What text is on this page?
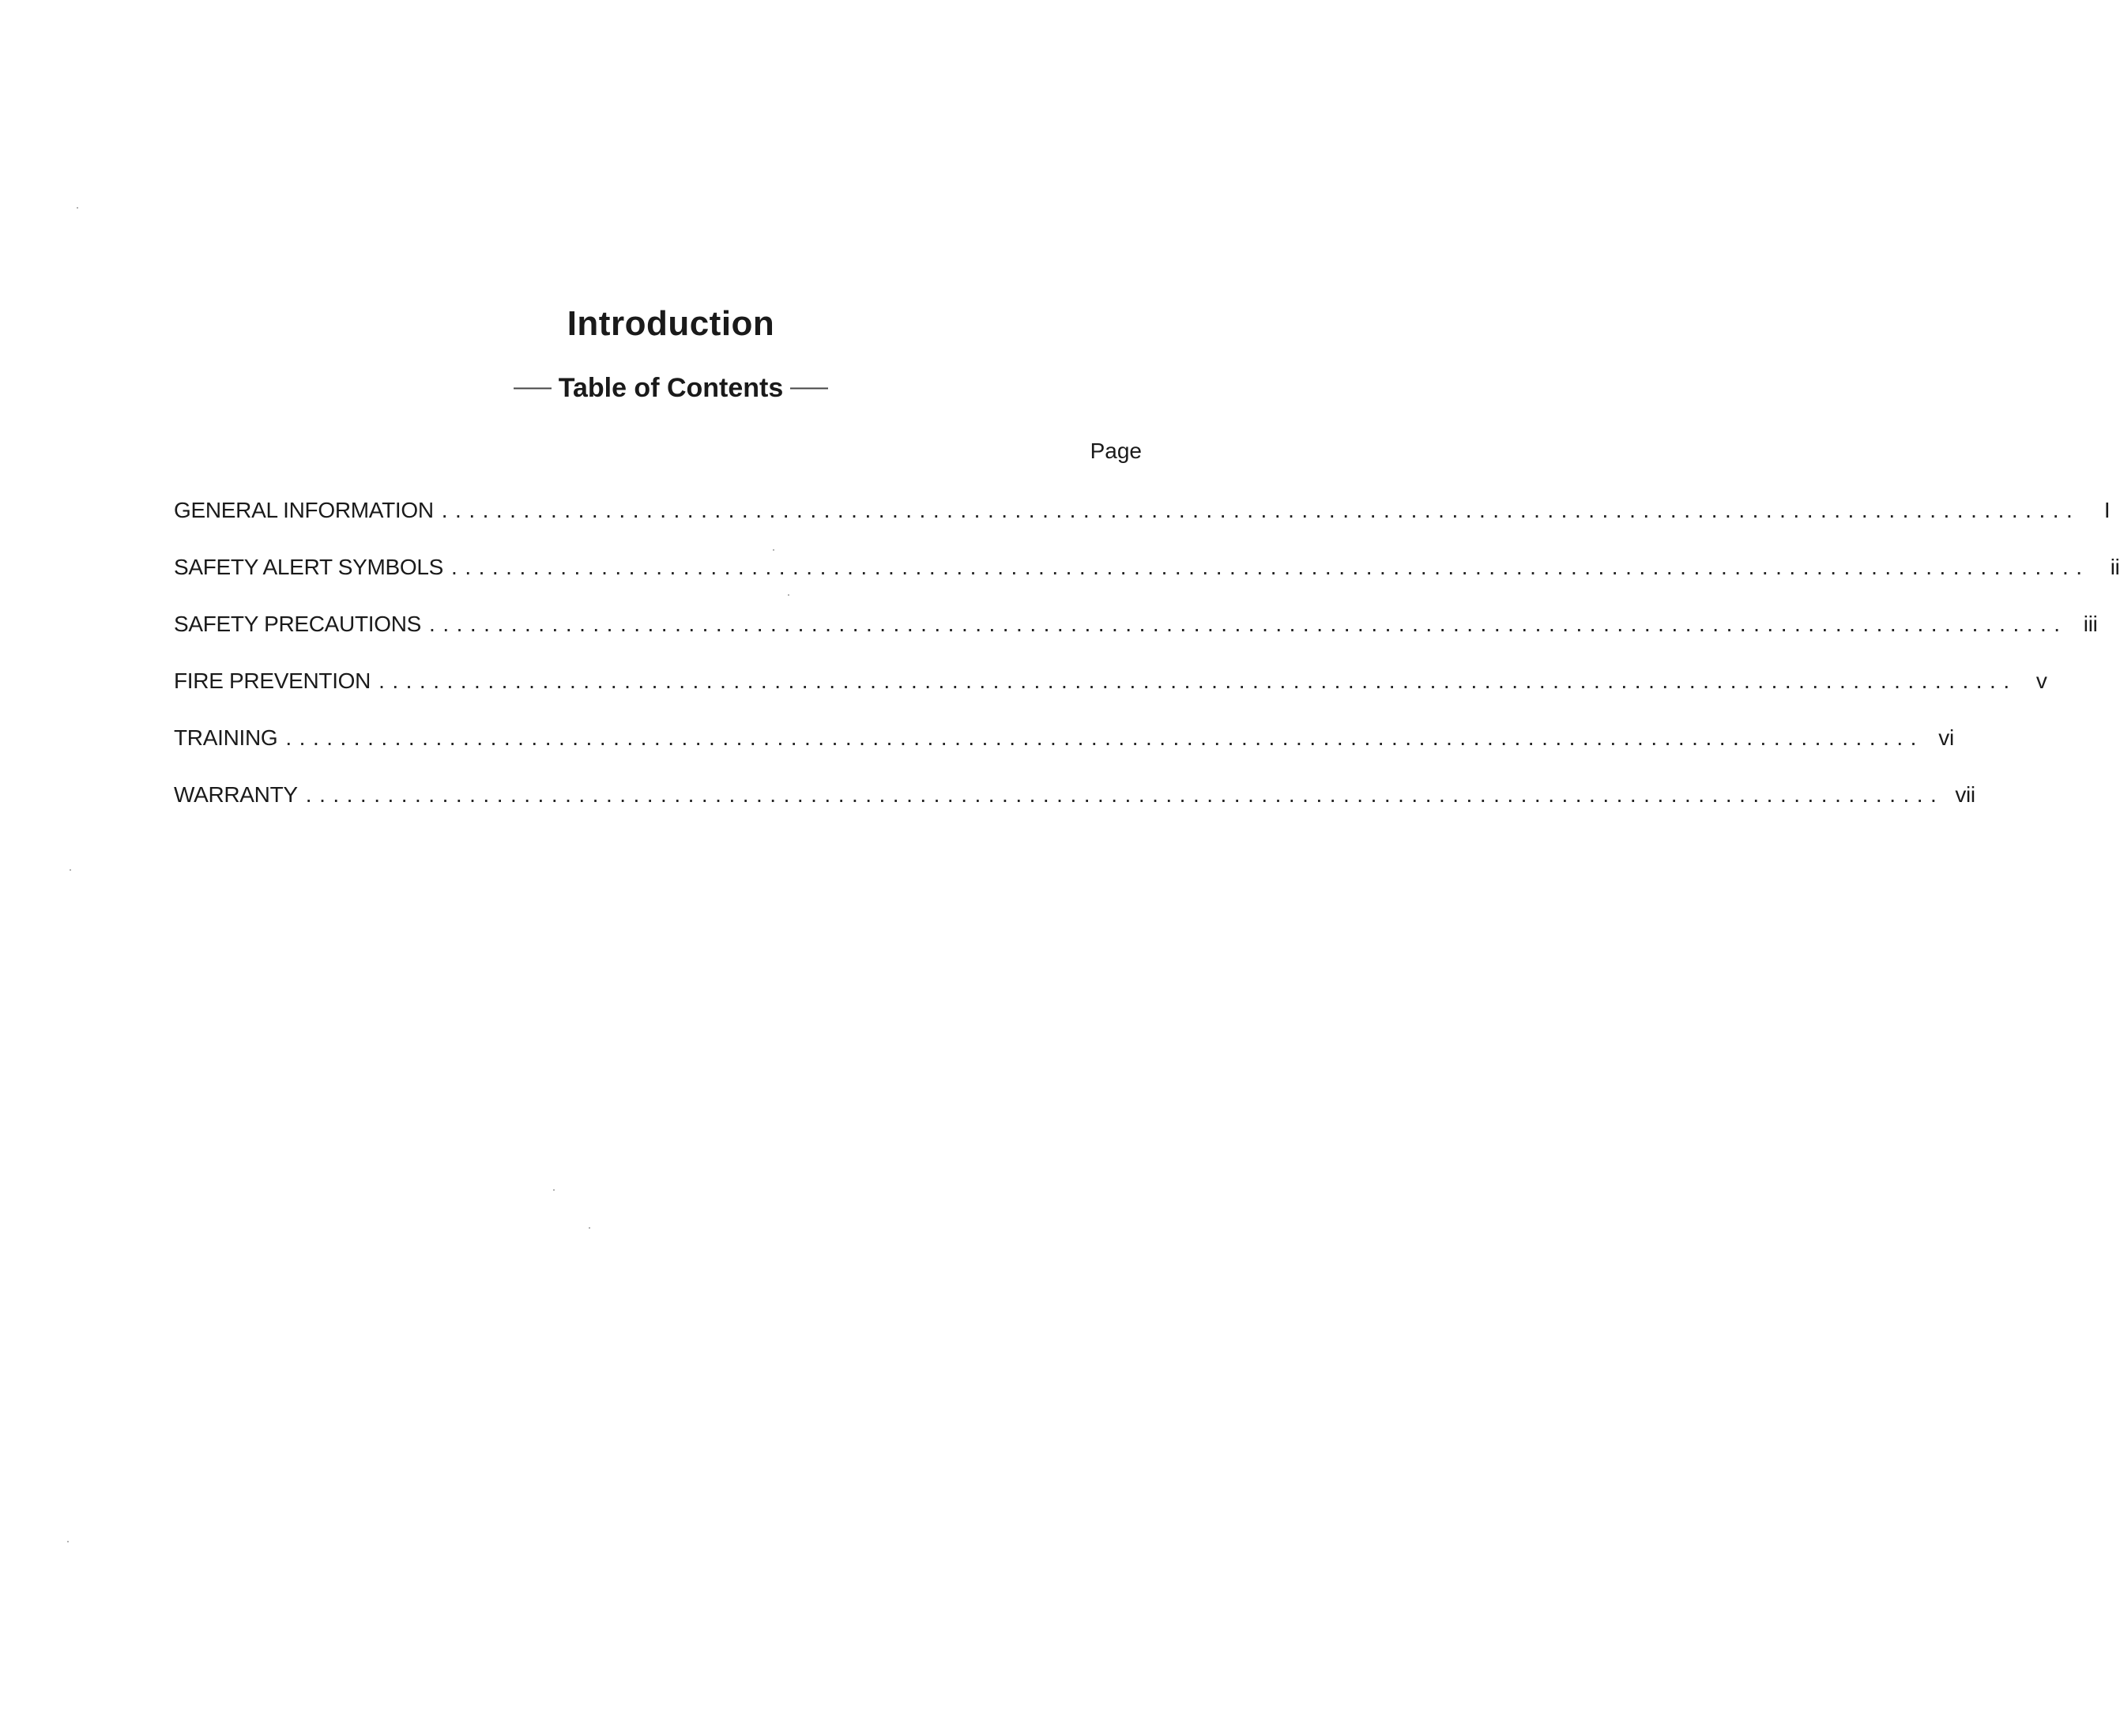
Introduction
— Table of Contents —
Page
GENERAL INFORMATION ........................................................................................................................	I
SAFETY ALERT SYMBOLS ........................................................................................................................ ii
SAFETY PRECAUTIONS ........................................................................................................................ iii
FIRE PREVENTION ........................................................................................................................ v
TRAINING ........................................................................................................................ vi
WARRANTY ........................................................................................................................ vii
